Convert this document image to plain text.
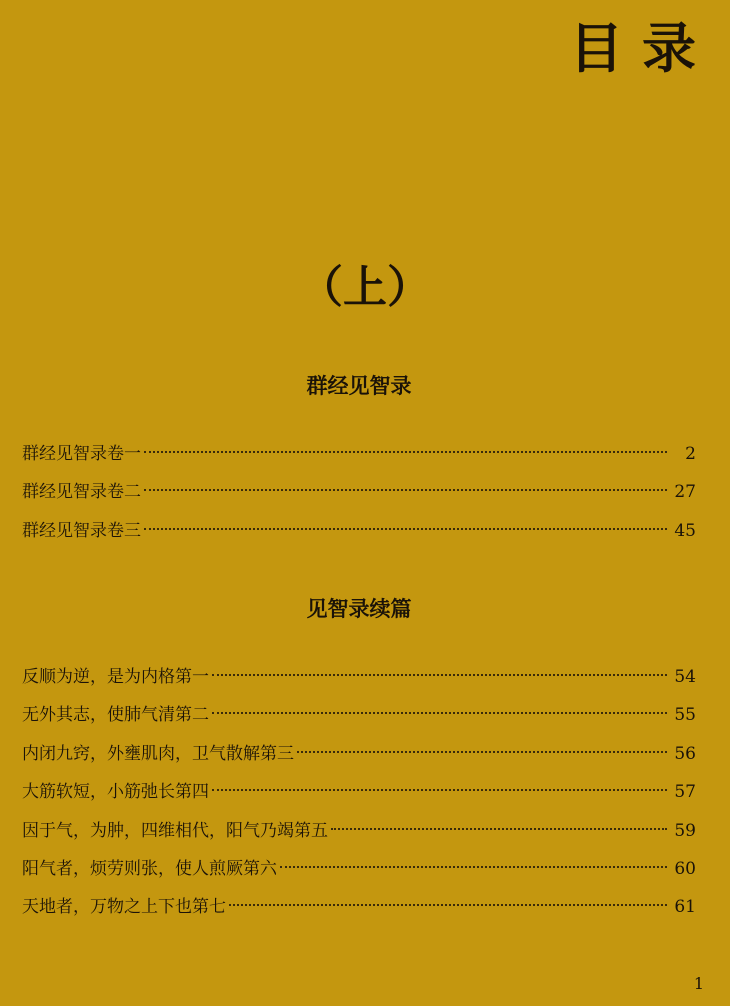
目 录
（上）
群经见智录
群经见智录卷一	2
群经见智录卷二	27
群经见智录卷三	45
见智录续篇
反顺为逆，是为内格第一	54
无外其志，使肺气清第二	55
内闭九窍，外壅肌肉，卫气散解第三	56
大筋软短，小筋弛长第四	57
因于气，为肿，四维相代，阳气乃竭第五	59
阳气者，烦劳则张，使人煎厥第六	60
天地者，万物之上下也第七	61
1
